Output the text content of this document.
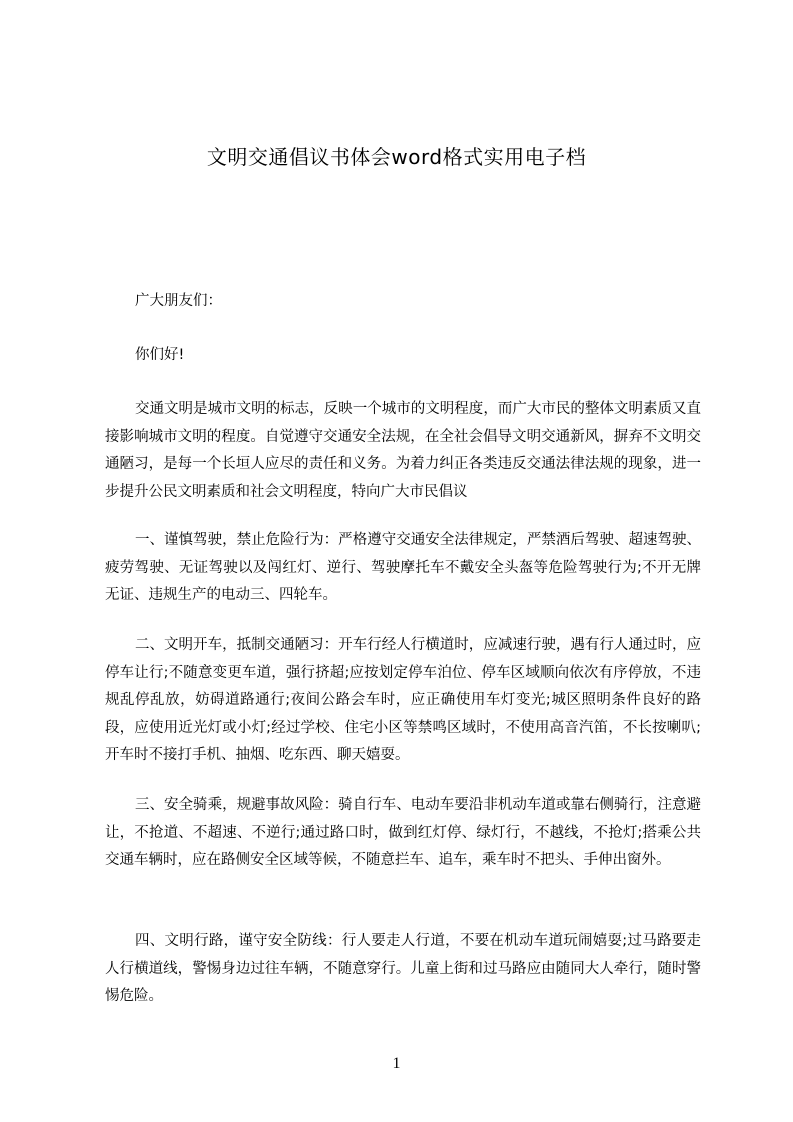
文明交通倡议书体会word格式实用电子档
广大朋友们：
你们好!
交通文明是城市文明的标志，反映一个城市的文明程度，而广大市民的整体文明素质又直接影响城市文明的程度。自觉遵守交通安全法规，在全社会倡导文明交通新风，摒弃不文明交通陋习，是每一个长垣人应尽的责任和义务。为着力纠正各类违反交通法律法规的现象，进一步提升公民文明素质和社会文明程度，特向广大市民倡议
一、谨慎驾驶，禁止危险行为：严格遵守交通安全法律规定，严禁酒后驾驶、超速驾驶、疲劳驾驶、无证驾驶以及闯红灯、逆行、驾驶摩托车不戴安全头盔等危险驾驶行为;不开无牌无证、违规生产的电动三、四轮车。
二、文明开车，抵制交通陋习：开车行经人行横道时，应减速行驶，遇有行人通过时，应停车让行;不随意变更车道，强行挤超;应按划定停车泊位、停车区域顺向依次有序停放，不违规乱停乱放，妨碍道路通行;夜间公路会车时，应正确使用车灯变光;城区照明条件良好的路段，应使用近光灯或小灯;经过学校、住宅小区等禁鸣区域时，不使用高音汽笛，不长按喇叭;开车时不接打手机、抽烟、吃东西、聊天嬉耍。
三、安全骑乘，规避事故风险：骑自行车、电动车要沿非机动车道或靠右侧骑行，注意避让，不抢道、不超速、不逆行;通过路口时，做到红灯停、绿灯行，不越线，不抢灯;搭乘公共交通车辆时，应在路侧安全区域等候，不随意拦车、追车，乘车时不把头、手伸出窗外。
四、文明行路，谨守安全防线：行人要走人行道，不要在机动车道玩闹嬉耍;过马路要走人行横道线，警惕身边过往车辆，不随意穿行。儿童上街和过马路应由随同大人牵行，随时警惕危险。
1
